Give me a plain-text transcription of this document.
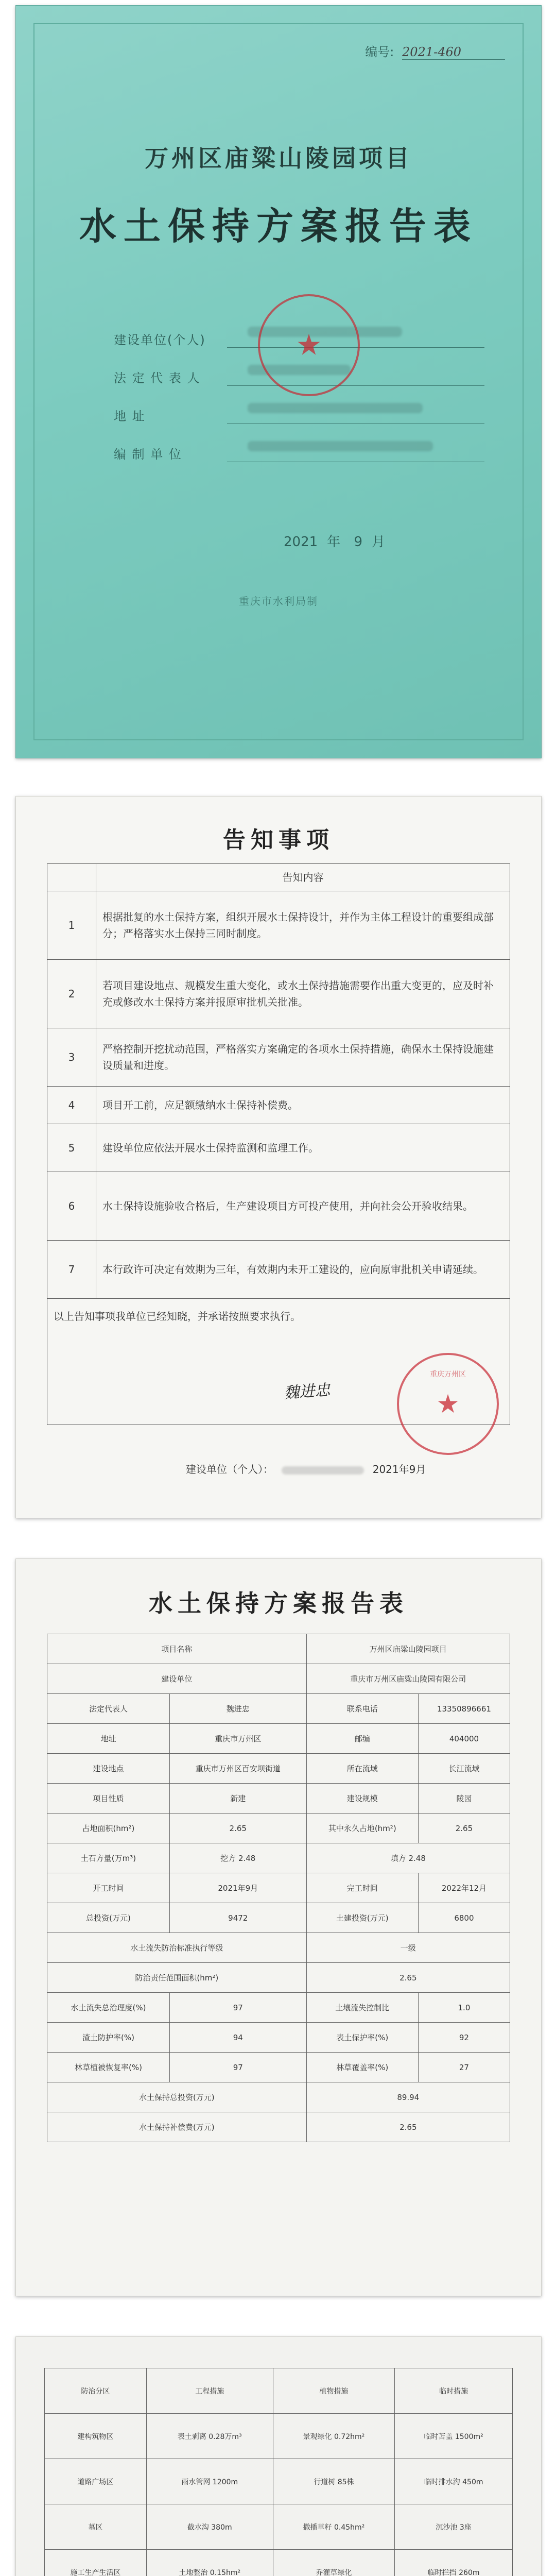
编号: 2021-460
万州区庙粱山陵园项目
水土保持方案报告表
建设单位(个人)
法 定 代 表 人
地 址
编 制 单 位
★
2021 年 9 月
重庆市水利局制
告知事项
	告知内容
1	根据批复的水土保持方案，组织开展水土保持设计，并作为主体工程设计的重要组成部分；严格落实水土保持三同时制度。
2	若项目建设地点、规模发生重大变化，或水土保持措施需要作出重大变更的，应及时补充或修改水土保持方案并报原审批机关批准。
3	严格控制开挖扰动范围，严格落实方案确定的各项水土保持措施，确保水土保持设施建设质量和进度。
4	项目开工前，应足额缴纳水土保持补偿费。
5	建设单位应依法开展水土保持监测和监理工作。
6	水土保持设施验收合格后，生产建设项目方可投产使用，并向社会公开验收结果。
7	本行政许可决定有效期为三年，有效期内未开工建设的，应向原审批机关申请延续。
以上告知事项我单位已经知晓，并承诺按照要求执行。	
魏进忠
重庆万州区
★
建设单位（个人）：	2021年9月
水土保持方案报告表
项目名称		万州区庙粱山陵园项目	
建设单位		重庆市万州区庙粱山陵园有限公司	
法定代表人	魏进忠	联系电话	13350896661
地址	重庆市万州区	邮编	404000
建设地点	重庆市万州区百安坝街道	所在流域	长江流域
项目性质	新建	建设规模	陵园
占地面积(hm²)	2.65	其中永久占地(hm²)	2.65
土石方量(万m³)	挖方 2.48	填方 2.48	
开工时间	2021年9月	完工时间	2022年12月
总投资(万元)	9472	土建投资(万元)	6800
水土流失防治标准执行等级		一级	
防治责任范围面积(hm²)		2.65	
水土流失总治理度(%)	97	土壤流失控制比	1.0
渣土防护率(%)	94	表土保护率(%)	92
林草植被恢复率(%)	97	林草覆盖率(%)	27
水土保持总投资(万元)		89.94	
水土保持补偿费(万元)		2.65	
防治分区	工程措施	植物措施	临时措施
建构筑物区	表土剥离 0.28万m³	景观绿化 0.72hm²	临时苫盖 1500m²
道路广场区	雨水管网 1200m	行道树 85株	临时排水沟 450m
墓区	截水沟 380m	撒播草籽 0.45hm²	沉沙池 3座
施工生产生活区	土地整治 0.15hm²	乔灌草绿化	临时拦挡 260m
